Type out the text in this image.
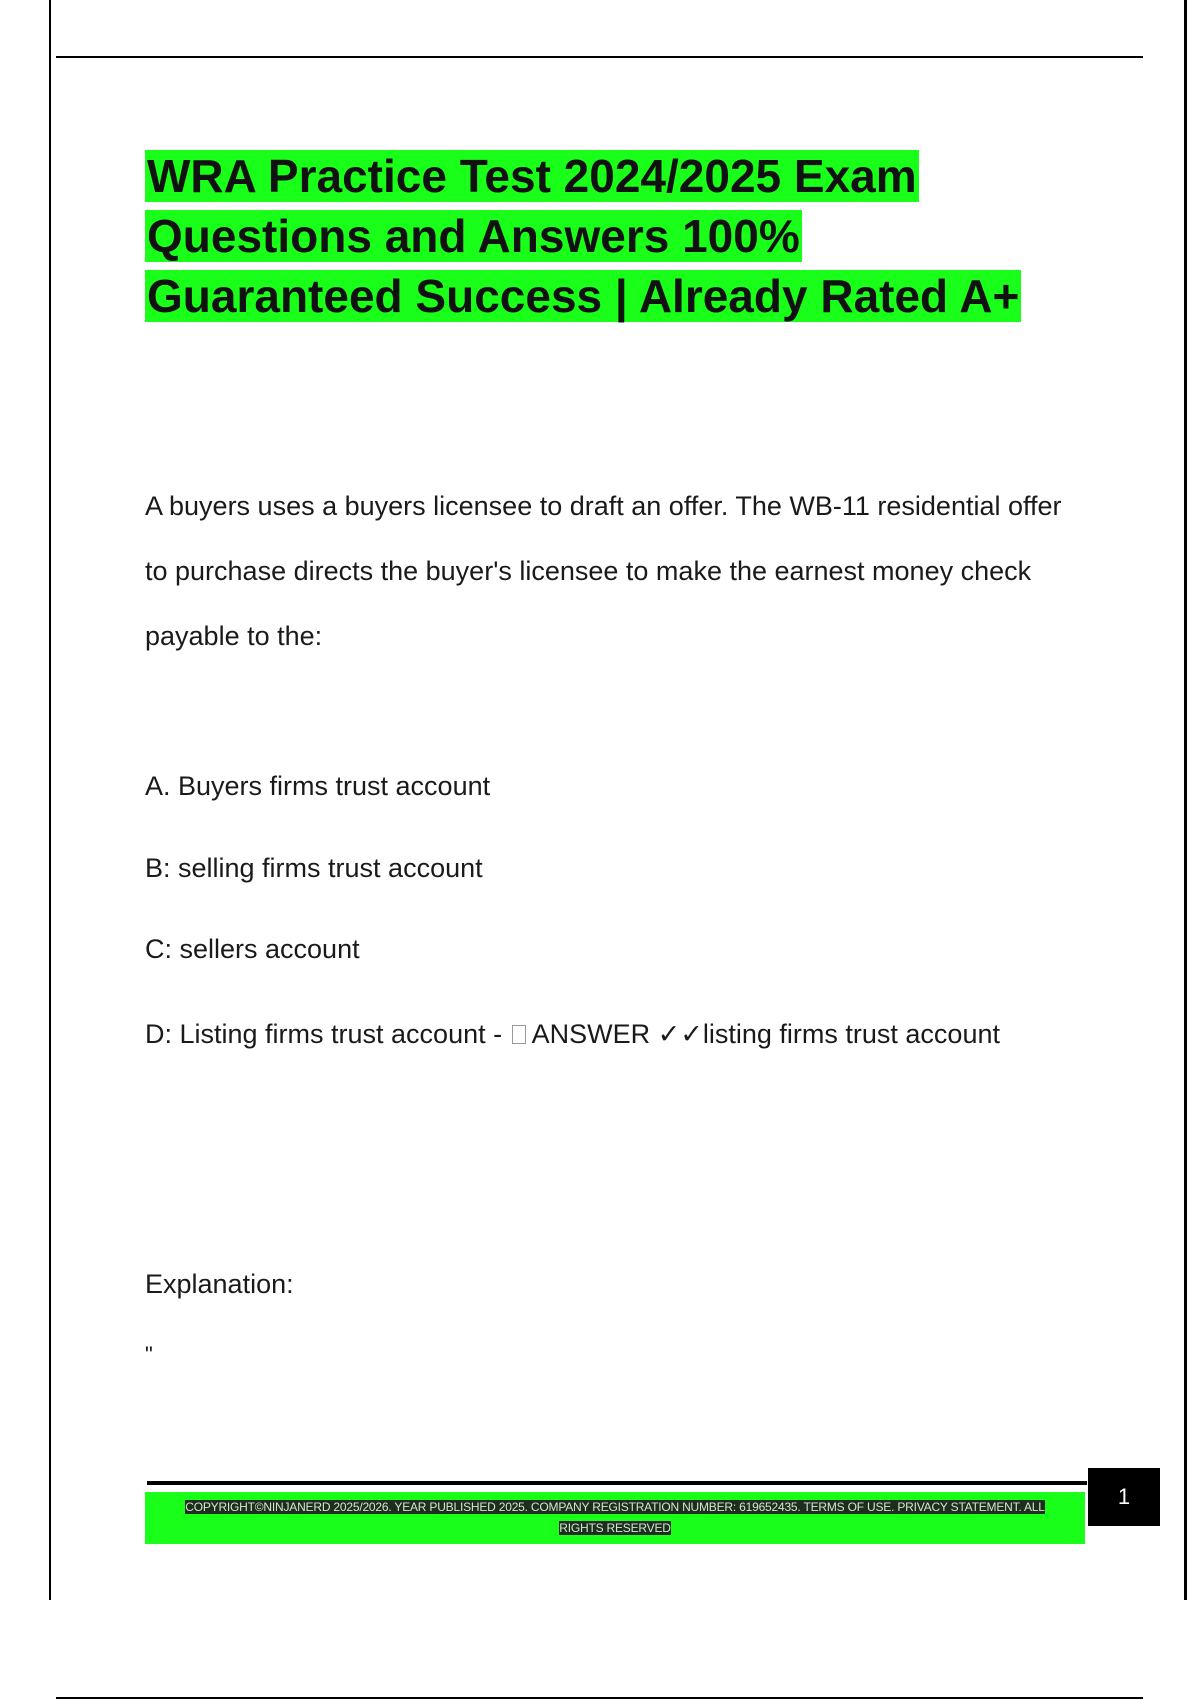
WRA Practice Test 2024/2025 Exam
Questions and Answers 100%
Guaranteed Success | Already Rated A+

A buyers uses a buyers licensee to draft an offer. The WB-11 residential offer to purchase directs the buyer's licensee to make the earnest money check payable to the:

A. Buyers firms trust account

B: selling firms trust account

C: sellers account

D: Listing firms trust account - ANSWER ✓✓listing firms trust account

Explanation:

"

COPYRIGHT©NINJANERD 2025/2026. YEAR PUBLISHED 2025. COMPANY REGISTRATION NUMBER: 619652435. TERMS OF USE. PRIVACY STATEMENT. ALL RIGHTS RESERVED
1
